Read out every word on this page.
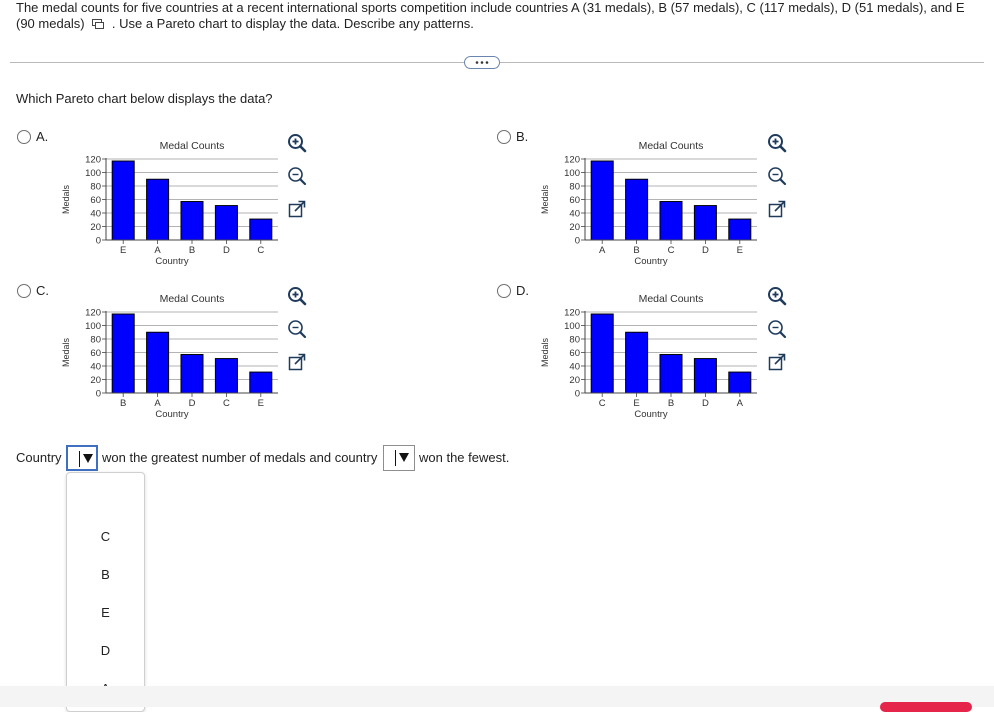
The medal counts for five countries at a recent international sports competition include countries A (31 medals), B (57 medals), C (117 medals), D (51 medals), and E
(90 medals) . Use a Pareto chart to display the data. Describe any patterns.
Which Pareto chart below displays the data?
A.
Medal Counts
Medals
120
100
80
60
40
20
0
E	A	B	D	C
Country
B.
Medal Counts
Medals
120
100
80
60
40
20
0
A	B	C	D	E
Country
C.
Medal Counts
Medals
120
100
80
60
40
20
0
B	A	D	C	E
Country
D.
Medal Counts
Medals
120
100
80
60
40
20
0
C	E	B	D	A
Country
Country	won the greatest number of medals and country	won the fewest.
C
B
E
D
